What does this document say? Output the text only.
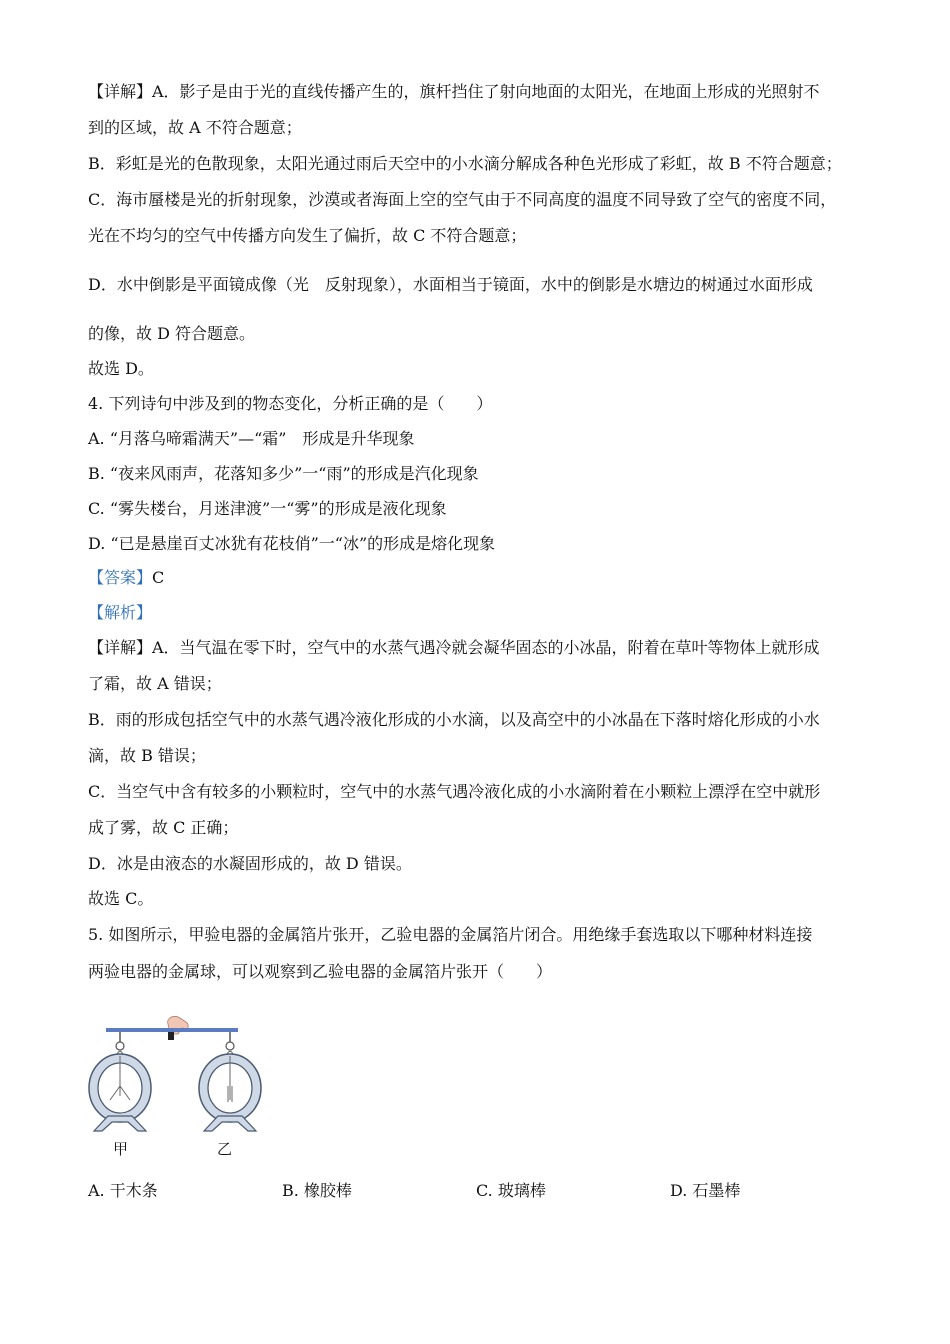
【详解】A．影子是由于光的直线传播产生的，旗杆挡住了射向地面的太阳光，在地面上形成的光照射不
到的区域，故 A 不符合题意；
B．彩虹是光的色散现象，太阳光通过雨后天空中的小水滴分解成各种色光形成了彩虹，故 B 不符合题意；
C．海市蜃楼是光的折射现象，沙漠或者海面上空的空气由于不同高度的温度不同导致了空气的密度不同，
光在不均匀的空气中传播方向发生了偏折，故 C 不符合题意；
D．水中倒影是平面镜成像（光　反射现象），水面相当于镜面，水中的倒影是水塘边的树通过水面形成
的像，故 D 符合题意。
故选 D。
4. 下列诗句中涉及到的物态变化，分析正确的是（　　）
A. “月落乌啼霜满天”—“霜”　形成是升华现象
B. “夜来风雨声，花落知多少”一“雨”的形成是汽化现象
C. “雾失楼台，月迷津渡”一“雾”的形成是液化现象
D. “已是悬崖百丈冰犹有花枝俏”一“冰”的形成是熔化现象
【答案】C
【解析】
【详解】A．当气温在零下时，空气中的水蒸气遇冷就会凝华固态的小冰晶，附着在草叶等物体上就形成
了霜，故 A 错误；
B．雨的形成包括空气中的水蒸气遇冷液化形成的小水滴，以及高空中的小冰晶在下落时熔化形成的小水
滴，故 B 错误；
C．当空气中含有较多的小颗粒时，空气中的水蒸气遇冷液化成的小水滴附着在小颗粒上漂浮在空中就形
成了雾，故 C 正确；
D．冰是由液态的水凝固形成的，故 D 错误。
故选 C。
5. 如图所示，甲验电器的金属箔片张开，乙验电器的金属箔片闭合。用绝缘手套选取以下哪种材料连接
两验电器的金属球，可以观察到乙验电器的金属箔片张开（　　）
甲	乙
A. 干木条	B. 橡胶棒	C. 玻璃棒	D. 石墨棒
